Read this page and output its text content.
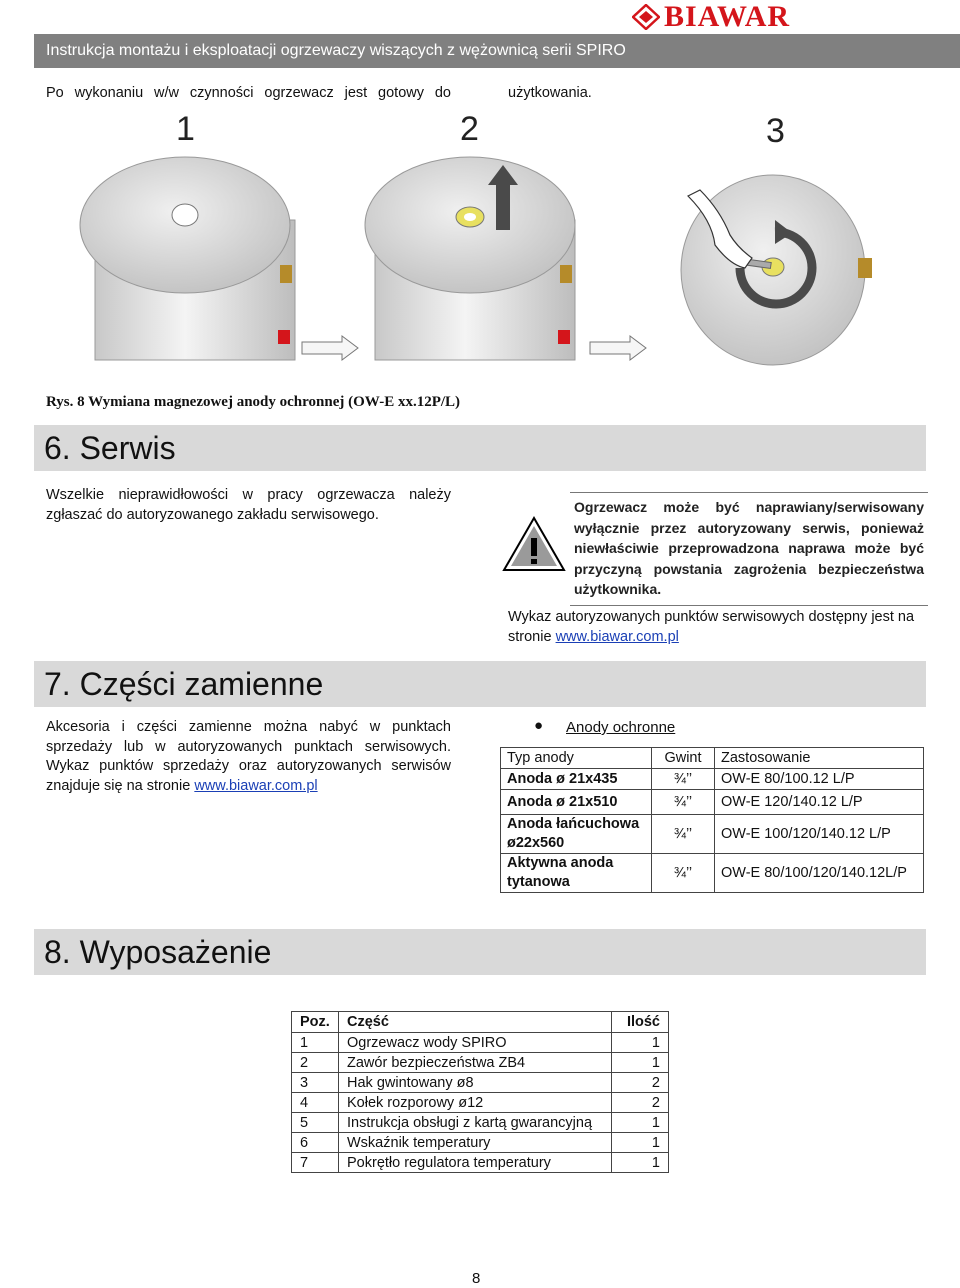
BIAWAR
Instrukcja montażu i eksploatacji ogrzewaczy wiszących z wężownicą serii SPIRO
Po wykonaniu w/w czynności ogrzewacz jest gotowy do	użytkowania.
1	2	3
Rys. 8 Wymiana magnezowej anody ochronnej (OW-E xx.12P/L)
6. Serwis
Wszelkie nieprawidłowości w pracy ogrzewacza należy zgłaszać do autoryzowanego zakładu serwisowego.	Ogrzewacz może być naprawiany/serwisowany wyłącznie przez autoryzowany serwis, ponieważ niewłaściwie przeprowadzona naprawa może być przyczyną powstania zagrożenia bezpieczeństwa użytkownika.
Wykaz autoryzowanych punktów serwisowych dostępny jest na stronie www.biawar.com.pl
7. Części zamienne
Akcesoria i części zamienne można nabyć w punktach sprzedaży lub w autoryzowanych punktach serwisowych. Wykaz punktów sprzedaży oraz autoryzowanych serwisów znajduje się na stronie www.biawar.com.pl
● Anody ochronne
Typ anody	Gwint	Zastosowanie
Anoda ø 21x435	¾’’	OW-E 80/100.12 L/P
Anoda ø 21x510	¾’’	OW-E 120/140.12 L/P
Anoda łańcuchowa ø22x560	¾’’	OW-E 100/120/140.12 L/P
Aktywna anoda tytanowa	¾’’	OW-E 80/100/120/140.12L/P
8. Wyposażenie
Poz.	Część	Ilość
1	Ogrzewacz wody SPIRO	1
2	Zawór bezpieczeństwa ZB4	1
3	Hak gwintowany ø8	2
4	Kołek rozporowy ø12	2
5	Instrukcja obsługi z kartą gwarancyjną	1
6	Wskaźnik temperatury	1
7	Pokrętło regulatora temperatury	1
8
